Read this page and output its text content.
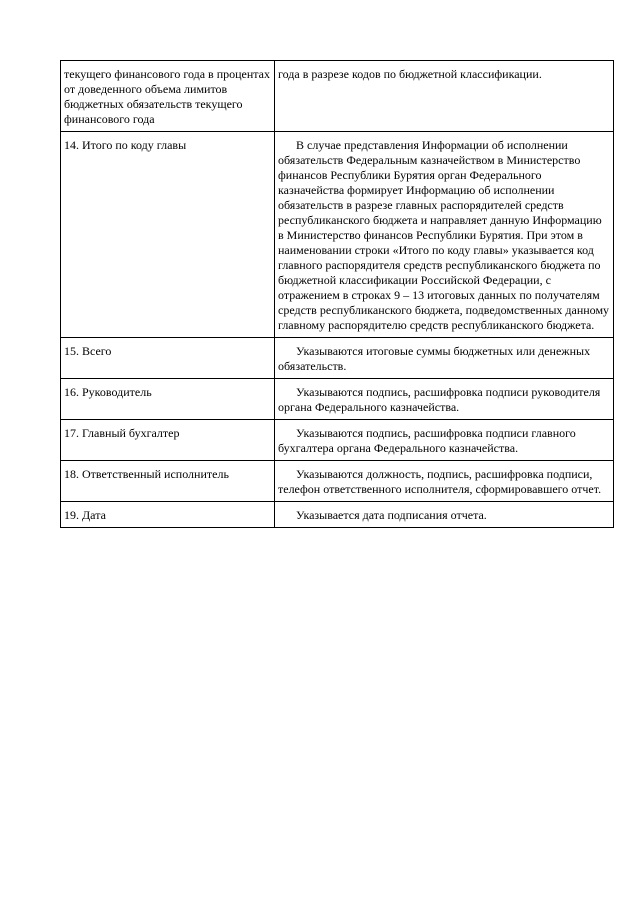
текущего финансового года в процентах от доведенного объема лимитов бюджетных обязательств текущего финансового года	года в разрезе кодов по бюджетной классификации.

14. Итого по коду главы	В случае представления Информации об исполнении обязательств Федеральным казначейством в Министерство финансов Республики Бурятия орган Федерального казначейства формирует Информацию об исполнении обязательств в разрезе главных распорядителей средств республиканского бюджета и направляет данную Информацию в Министерство финансов Республики Бурятия. При этом в наименовании строки «Итого по коду главы» указывается код главного распорядителя средств республиканского бюджета по бюджетной классификации Российской Федерации, с отражением в строках 9 – 13 итоговых данных по получателям средств республиканского бюджета, подведомственных данному главному распорядителю средств республиканского бюджета.

15. Всего	Указываются итоговые суммы бюджетных или денежных обязательств.

16. Руководитель	Указываются подпись, расшифровка подписи руководителя органа Федерального казначейства.

17. Главный бухгалтер	Указываются подпись, расшифровка подписи главного бухгалтера органа Федерального казначейства.

18. Ответственный исполнитель	Указываются должность, подпись, расшифровка подписи, телефон ответственного исполнителя, сформировавшего отчет.

19. Дата	Указывается дата подписания отчета.
